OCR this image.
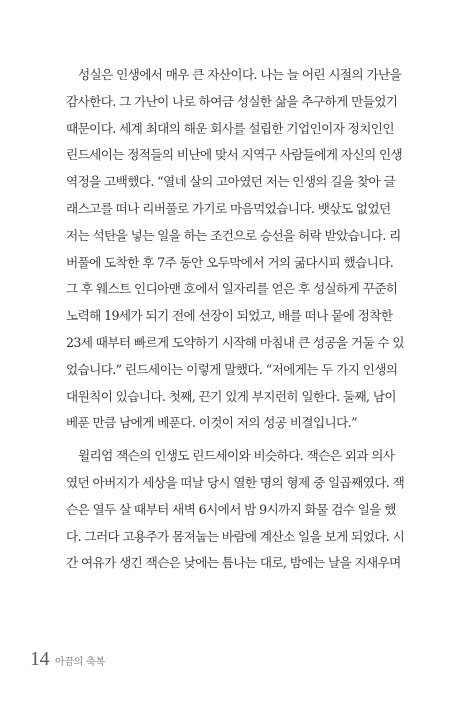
　성실은 인생에서 매우 큰 자산이다. 나는 늘 어린 시절의 가난을
감사한다. 그 가난이 나로 하여금 성실한 삶을 추구하게 만들었기
때문이다. 세계 최대의 해운 회사를 설립한 기업인이자 정치인인
린드세이는 정적들의 비난에 맞서 지역구 사람들에게 자신의 인생
역정을 고백했다. “열네 살의 고아였던 저는 인생의 길을 찾아 글
래스고를 떠나 리버풀로 가기로 마음먹었습니다. 뱃삯도 없었던
저는 석탄을 넣는 일을 하는 조건으로 승선을 허락 받았습니다. 리
버풀에 도착한 후 7주 동안 오두막에서 거의 굶다시피 했습니다.
그 후 웨스트 인디아맨 호에서 일자리를 얻은 후 성실하게 꾸준히
노력해 19세가 되기 전에 선장이 되었고, 배를 떠나 뭍에 정착한
23세 때부터 빠르게 도약하기 시작해 마침내 큰 성공을 거둘 수 있
었습니다.” 린드세이는 이렇게 말했다. “저에게는 두 가지 인생의
대원칙이 있습니다. 첫째, 끈기 있게 부지런히 일한다. 둘째, 남이
베푼 만큼 남에게 베푼다. 이것이 저의 성공 비결입니다.”
　윌리엄 잭슨의 인생도 린드세이와 비슷하다. 잭슨은 외과 의사
였던 아버지가 세상을 떠날 당시 열한 명의 형제 중 일곱째였다. 잭
슨은 열두 살 때부터 새벽 6시에서 밤 9시까지 화물 검수 일을 했
다. 그러다 고용주가 몸져눕는 바람에 계산소 일을 보게 되었다. 시
간 여유가 생긴 잭슨은 낮에는 틈나는 대로, 밤에는 날을 지새우며
14 아끔의 축복
